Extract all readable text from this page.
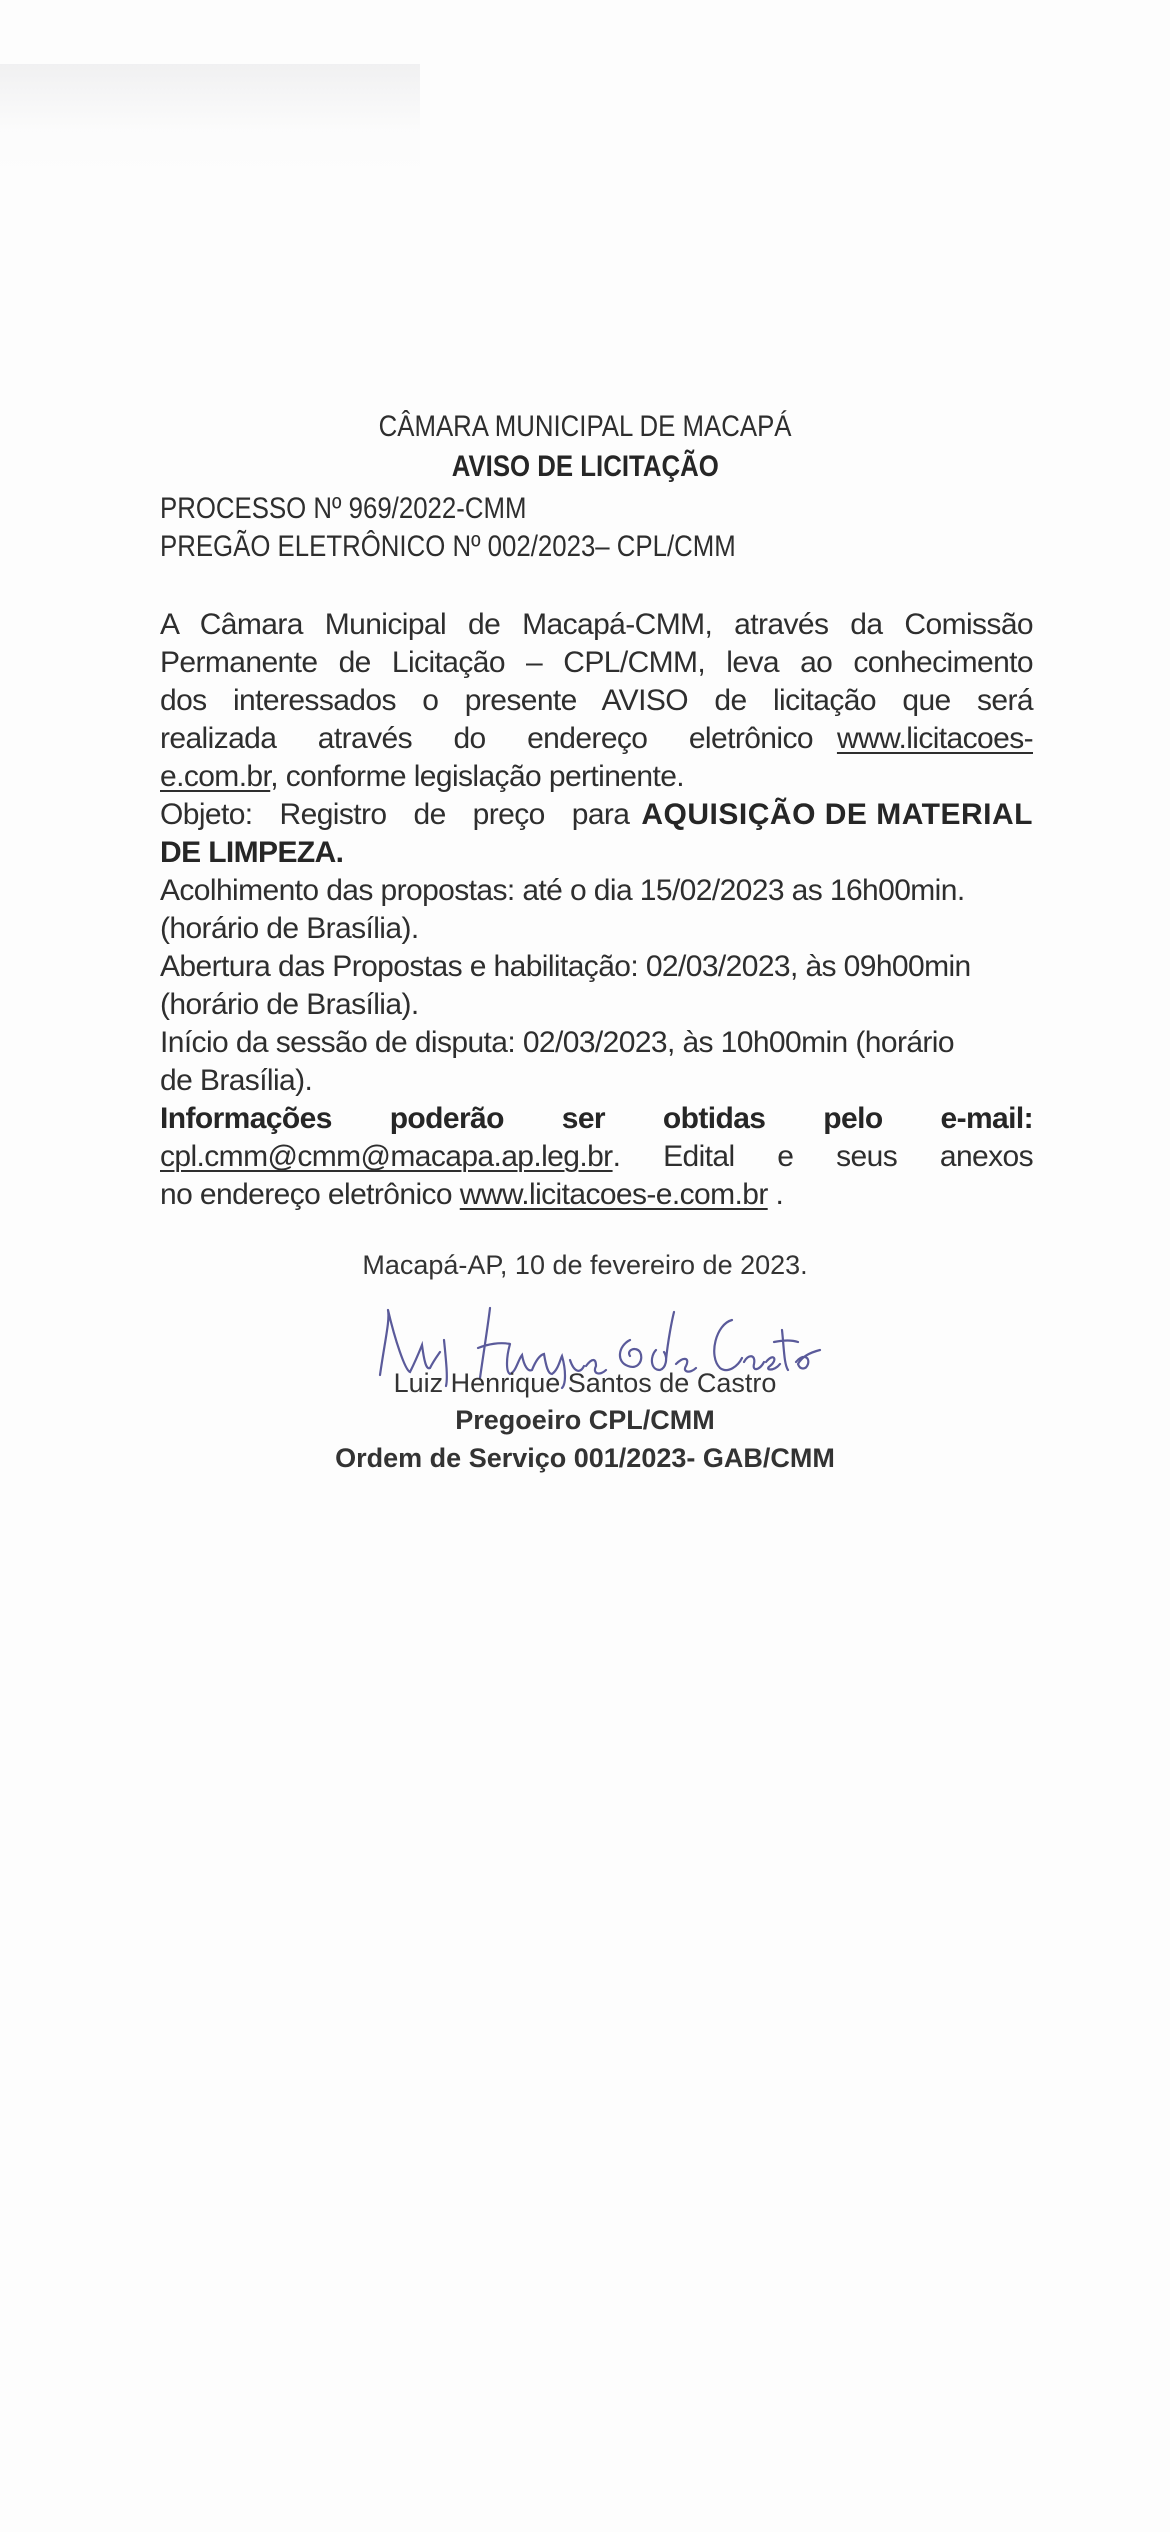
CÂMARA MUNICIPAL DE MACAPÁ
AVISO DE LICITAÇÃO
PROCESSO Nº 969/2022-CMM
PREGÃO ELETRÔNICO Nº 002/2023– CPL/CMM
A Câmara Municipal de Macapá-CMM, através da Comissão
Permanente de Licitação – CPL/CMM, leva ao conhecimento
dos interessados o presente AVISO de licitação que será
realizada através do endereço eletrônico www.licitacoes-
e.com.br, conforme legislação pertinente.
Objeto: Registro de preço para AQUISIÇÃO DE MATERIAL
DE LIMPEZA.
Acolhimento das propostas: até o dia 15/02/2023 as 16h00min.
(horário de Brasília).
Abertura das Propostas e habilitação: 02/03/2023, às 09h00min
(horário de Brasília).
Início da sessão de disputa: 02/03/2023, às 10h00min (horário
de Brasília).
Informações poderão ser obtidas pelo e-mail:
cpl.cmm@cmm@macapa.ap.leg.br . Edital e seus anexos
no endereço eletrônico www.licitacoes-e.com.br .
Macapá-AP, 10 de fevereiro de 2023.
Luiz Henrique Santos de Castro
Pregoeiro CPL/CMM
Ordem de Serviço 001/2023- GAB/CMM
